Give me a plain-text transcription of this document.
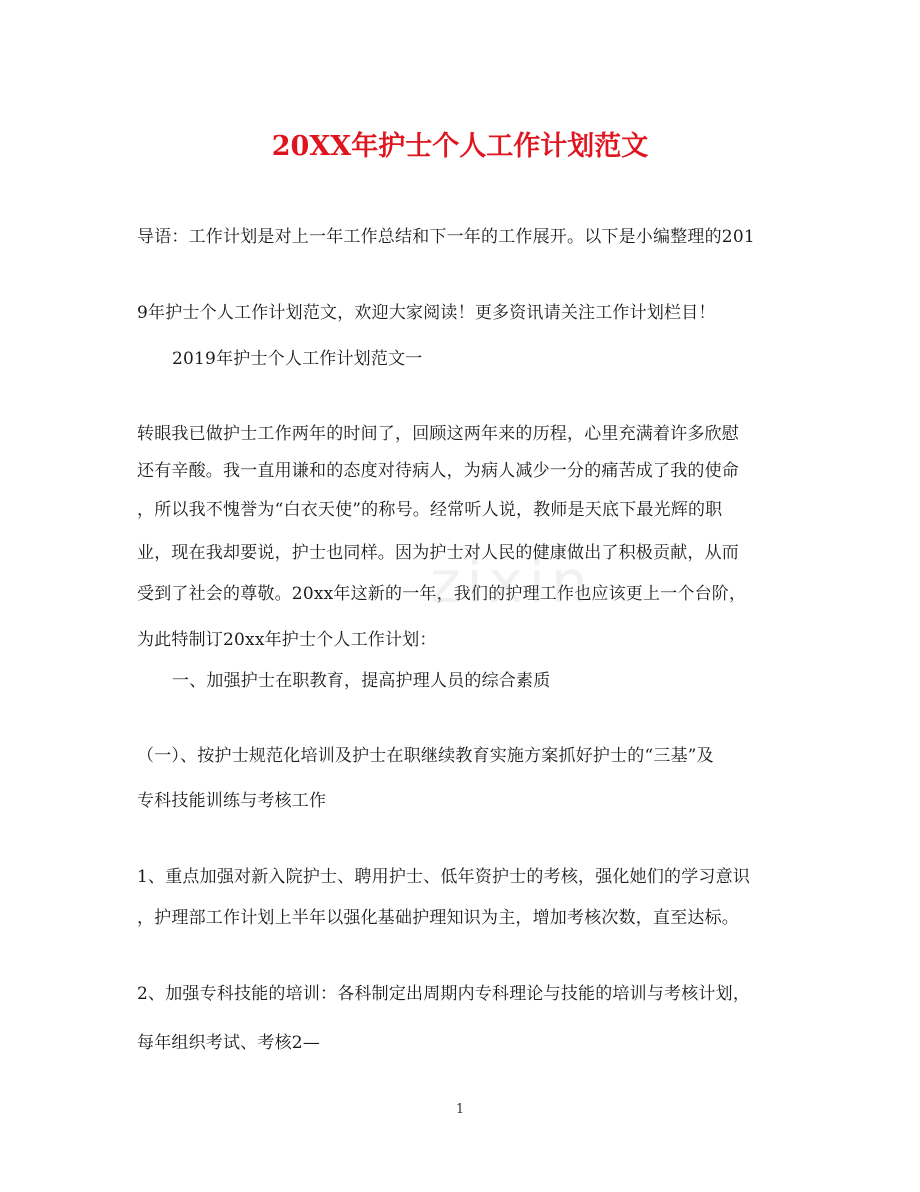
20XX年护士个人工作计划范文
导语：工作计划是对上一年工作总结和下一年的工作展开。以下是小编整理的201
9年护士个人工作计划范文，欢迎大家阅读！更多资讯请关注工作计划栏目！
2019年护士个人工作计划范文一
转眼我已做护士工作两年的时间了，回顾这两年来的历程，心里充满着许多欣慰
还有辛酸。我一直用谦和的态度对待病人，为病人减少一分的痛苦成了我的使命
，所以我不愧誉为“白衣天使”的称号。经常听人说，教师是天底下最光辉的职
业，现在我却要说，护士也同样。因为护士对人民的健康做出了积极贡献，从而
受到了社会的尊敬。20xx年这新的一年，我们的护理工作也应该更上一个台阶，
为此特制订20xx年护士个人工作计划：
一、加强护士在职教育，提高护理人员的综合素质
（一）、按护士规范化培训及护士在职继续教育实施方案抓好护士的“三基”及
专科技能训练与考核工作
1、重点加强对新入院护士、聘用护士、低年资护士的考核，强化她们的学习意识
，护理部工作计划上半年以强化基础护理知识为主，增加考核次数，直至达标。
2、加强专科技能的培训：各科制定出周期内专科理论与技能的培训与考核计划，
每年组织考试、考核2—
zixin
1
